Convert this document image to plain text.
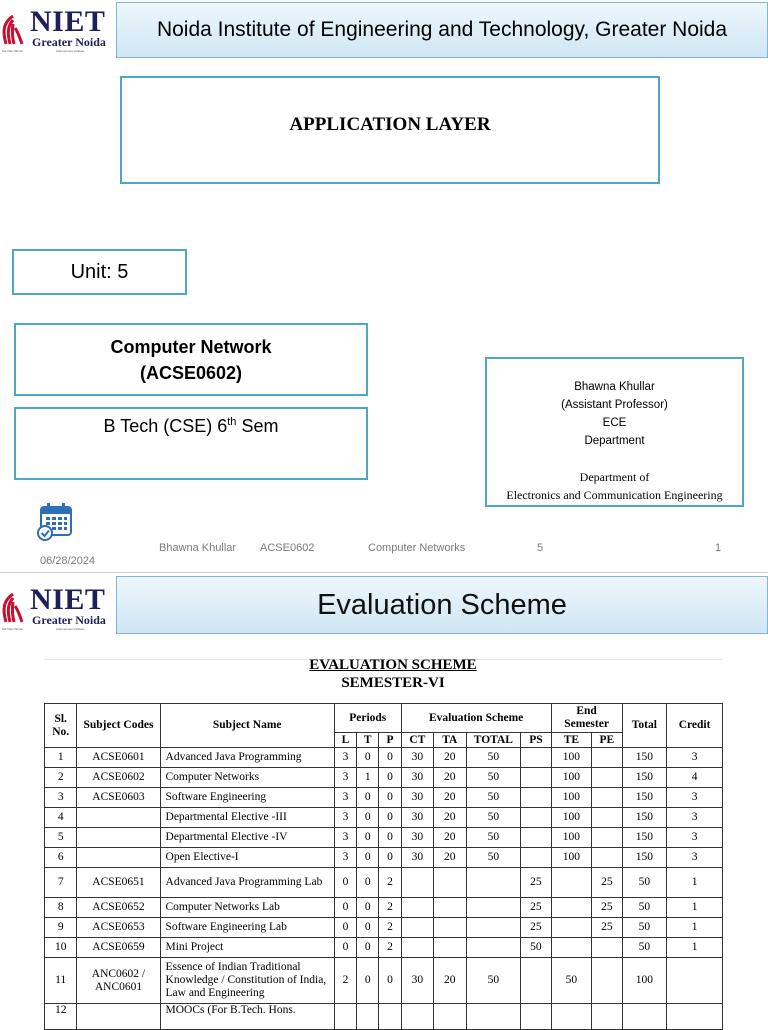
NIET
Greater Noida
Autonomous Institute
Kar Nav Nirman
Noida Institute of Engineering and Technology, Greater Noida
APPLICATION LAYER
Unit: 5
Computer Network
(ACSE0602)
B Tech (CSE) 6th Sem
Bhawna Khullar
(Assistant Professor)
ECE
Department
Department of
Electronics and Communication Engineering
06/28/2024
Bhawna Khullar ACSE0602	Computer Networks	5	1
NIET
Greater Noida
Autonomous Institute
Kar Nav Nirman
Evaluation Scheme
EVALUATION SCHEME
SEMESTER-VI
Sl. No.	Subject Codes	Subject Name	Periods			Evaluation Scheme				End Semester		Total	Credit
			L	T	P	CT	TA	TOTAL	PS	TE	PE		
1	ACSE0601	Advanced Java Programming	3	0	0	30	20	50		100		150	3
2	ACSE0602	Computer Networks	3	1	0	30	20	50		100		150	4
3	ACSE0603	Software Engineering	3	0	0	30	20	50		100		150	3
4		Departmental Elective -III	3	0	0	30	20	50		100		150	3
5		Departmental Elective -IV	3	0	0	30	20	50		100		150	3
6		Open Elective-I	3	0	0	30	20	50		100		150	3
7	ACSE0651	Advanced Java Programming Lab	0	0	2				25		25	50	1
8	ACSE0652	Computer Networks Lab	0	0	2				25		25	50	1
9	ACSE0653	Software Engineering Lab	0	0	2				25		25	50	1
10	ACSE0659	Mini Project	0	0	2				50			50	1
11	ANC0602 / ANC0601	Essence of Indian Traditional Knowledge / Constitution of India, Law and Engineering	2	0	0	30	20	50		50		100	
12		MOOCs (For B.Tech. Hons.											
